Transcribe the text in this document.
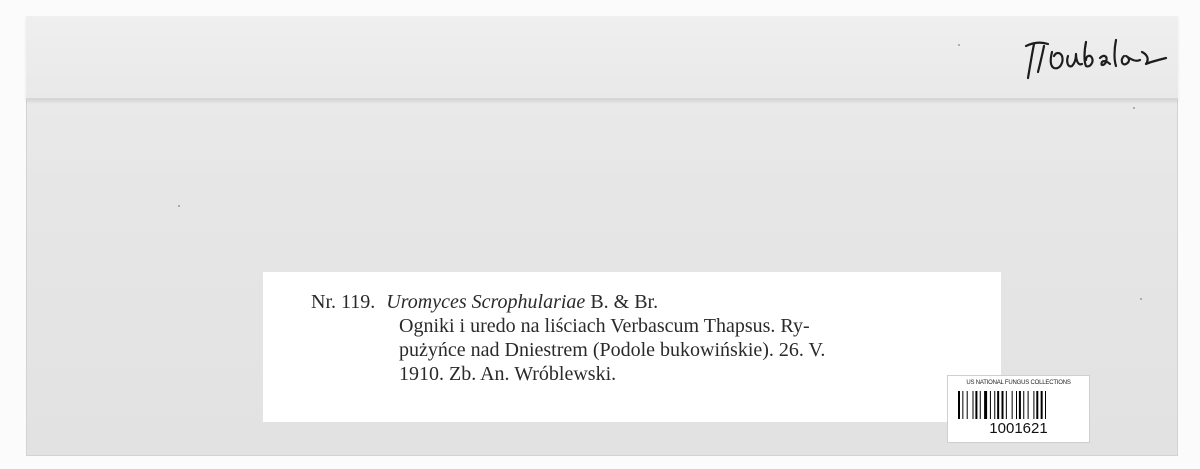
Nr. 119. Uromyces Scrophulariae B. & Br.
Ogniki i uredo na liściach Verbascum Thapsus. Ry-
pużyńce nad Dniestrem (Podole bukowińskie). 26. V.
1910. Zb. An. Wróblewski.	US NATIONAL FUNGUS COLLECTIONS
1001621
